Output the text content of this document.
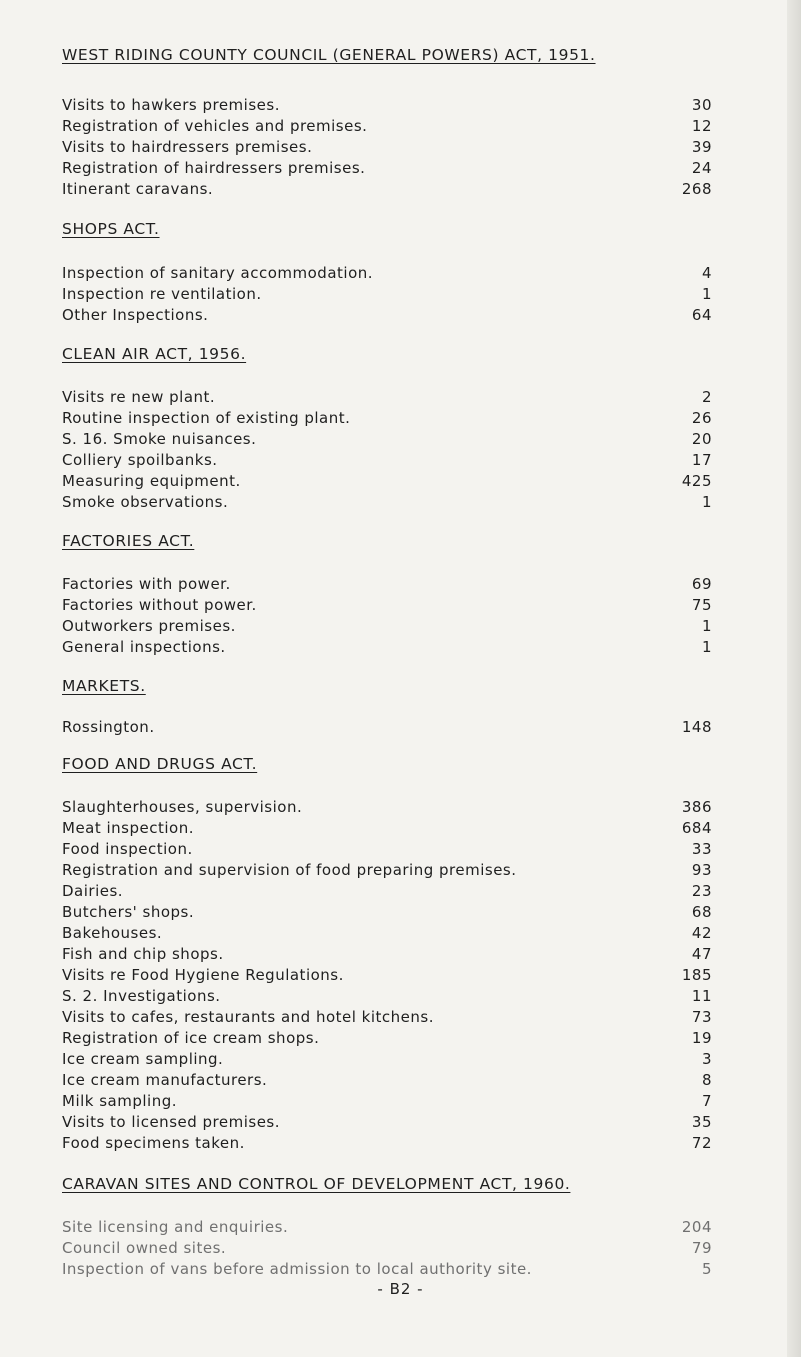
WEST RIDING COUNTY COUNCIL (GENERAL POWERS) ACT, 1951.
Visits to hawkers premises.	30
Registration of vehicles and premises.	12
Visits to hairdressers premises.	39
Registration of hairdressers premises.	24
Itinerant caravans.	268
SHOPS ACT.
Inspection of sanitary accommodation.	4
Inspection re ventilation.	1
Other Inspections.	64
CLEAN AIR ACT, 1956.
Visits re new plant.	2
Routine inspection of existing plant.	26
S. 16. Smoke nuisances.	20
Colliery spoilbanks.	17
Measuring equipment.	425
Smoke observations.	1
FACTORIES ACT.
Factories with power.	69
Factories without power.	75
Outworkers premises.	1
General inspections.	1
MARKETS.
Rossington.	148
FOOD AND DRUGS ACT.
Slaughterhouses, supervision.	386
Meat inspection.	684
Food inspection.	33
Registration and supervision of food preparing premises.	93
Dairies.	23
Butchers' shops.	68
Bakehouses.	42
Fish and chip shops.	47
Visits re Food Hygiene Regulations.	185
S. 2. Investigations.	11
Visits to cafes, restaurants and hotel kitchens.	73
Registration of ice cream shops.	19
Ice cream sampling.	3
Ice cream manufacturers.	8
Milk sampling.	7
Visits to licensed premises.	35
Food specimens taken.	72
CARAVAN SITES AND CONTROL OF DEVELOPMENT ACT, 1960.
Site licensing and enquiries.	204
Council owned sites.	79
Inspection of vans before admission to local authority site.	5
- B2 -
